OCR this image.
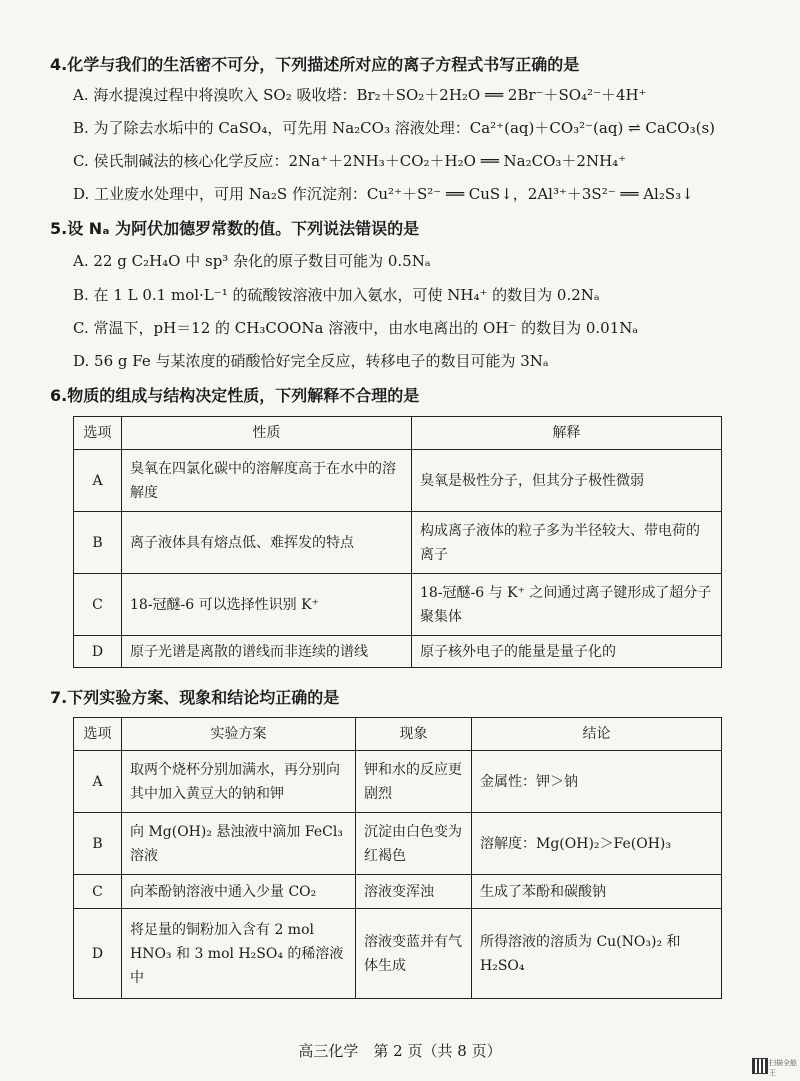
4.化学与我们的生活密不可分，下列描述所对应的离子方程式书写正确的是
A. 海水提溴过程中将溴吹入 SO₂ 吸收塔：Br₂＋SO₂＋2H₂O ══ 2Br⁻＋SO₄²⁻＋4H⁺
B. 为了除去水垢中的 CaSO₄，可先用 Na₂CO₃ 溶液处理：Ca²⁺(aq)＋CO₃²⁻(aq) ⇌ CaCO₃(s)
C. 侯氏制碱法的核心化学反应：2Na⁺＋2NH₃＋CO₂＋H₂O ══ Na₂CO₃＋2NH₄⁺
D. 工业废水处理中，可用 Na₂S 作沉淀剂：Cu²⁺＋S²⁻ ══ CuS↓，2Al³⁺＋3S²⁻ ══ Al₂S₃↓
5.设 Nₐ 为阿伏加德罗常数的值。下列说法错误的是
A. 22 g C₂H₄O 中 sp³ 杂化的原子数目可能为 0.5Nₐ
B. 在 1 L 0.1 mol·L⁻¹ 的硫酸铵溶液中加入氨水，可使 NH₄⁺ 的数目为 0.2Nₐ
C. 常温下，pH＝12 的 CH₃COONa 溶液中，由水电离出的 OH⁻ 的数目为 0.01Nₐ
D. 56 g Fe 与某浓度的硝酸恰好完全反应，转移电子的数目可能为 3Nₐ
6.物质的组成与结构决定性质，下列解释不合理的是
选项	性质	解释
A	臭氧在四氯化碳中的溶解度高于在水中的溶解度	臭氧是极性分子，但其分子极性微弱
B	离子液体具有熔点低、难挥发的特点	构成离子液体的粒子多为半径较大、带电荷的离子
C	18-冠醚-6 可以选择性识别 K⁺	18-冠醚-6 与 K⁺ 之间通过离子键形成了超分子聚集体
D	原子光谱是离散的谱线而非连续的谱线	原子核外电子的能量是量子化的
7.下列实验方案、现象和结论均正确的是
选项	实验方案	现象	结论
A	取两个烧杯分别加满水，再分别向其中加入黄豆大的钠和钾	钾和水的反应更剧烈	金属性：钾＞钠
B	向 Mg(OH)₂ 悬浊液中滴加 FeCl₃ 溶液	沉淀由白色变为红褐色	溶解度：Mg(OH)₂＞Fe(OH)₃
C	向苯酚钠溶液中通入少量 CO₂	溶液变浑浊	生成了苯酚和碳酸钠
D	将足量的铜粉加入含有 2 mol HNO₃ 和 3 mol H₂SO₄ 的稀溶液中	溶液变蓝并有气体生成	所得溶液的溶质为 Cu(NO₃)₂ 和 H₂SO₄
高三化学　第 2 页（共 8 页）
扫描全能王
